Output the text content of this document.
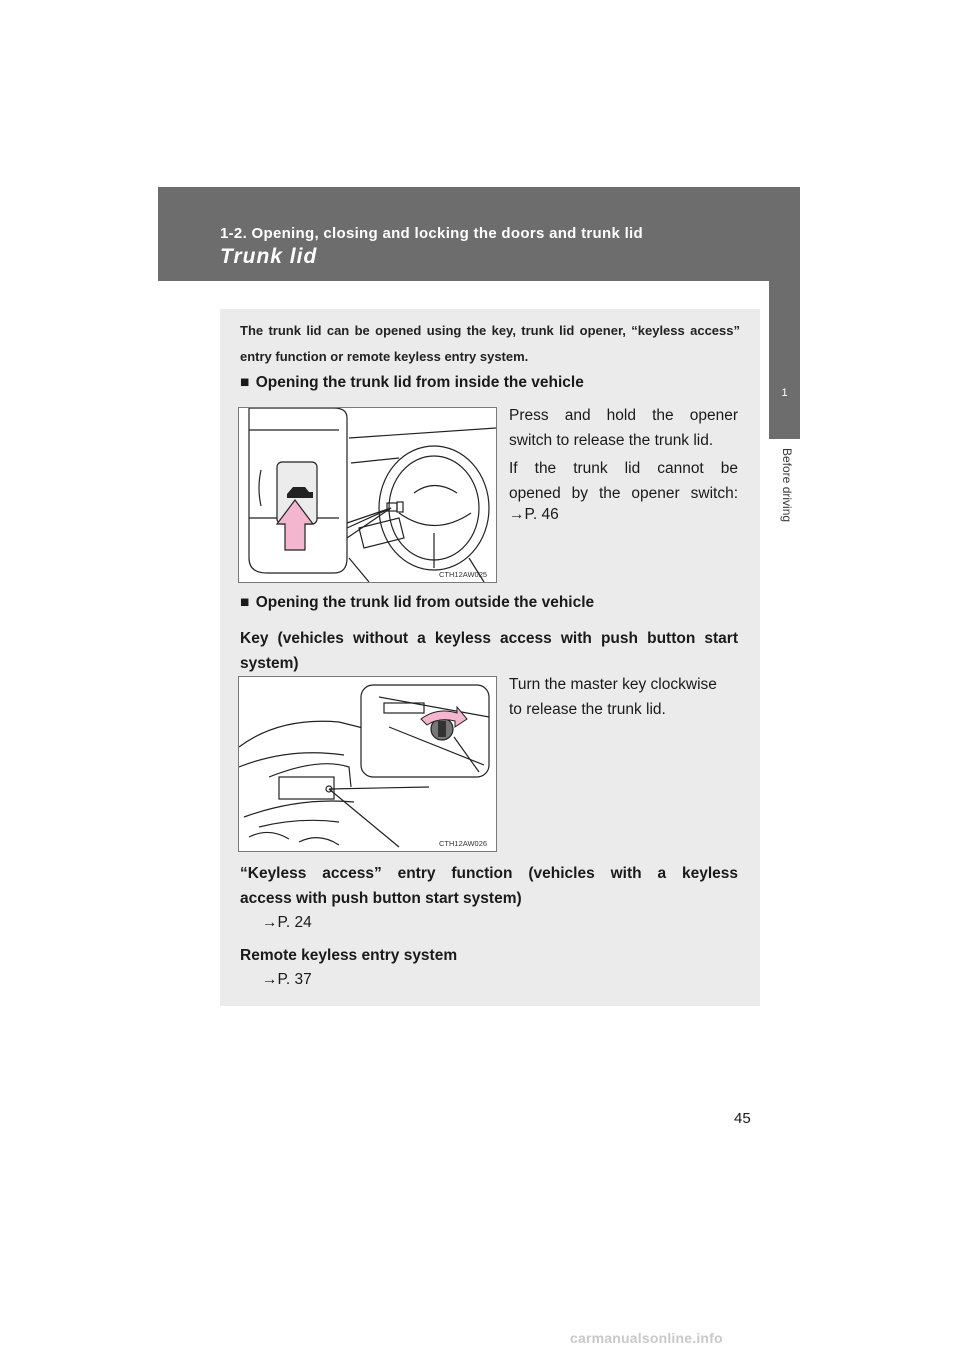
1-2. Opening, closing and locking the doors and trunk lid
Trunk lid
1
Before driving
The trunk lid can be opened using the key, trunk lid opener, “keyless access” entry function or remote keyless entry system.
■ Opening the trunk lid from inside the vehicle
CTH12AW025
Press and hold the opener
switch to release the trunk lid.
If the trunk lid cannot be
opened by the opener switch:
→P. 46
■ Opening the trunk lid from outside the vehicle
Key (vehicles without a keyless access with push button start
system)
CTH12AW026
Turn the master key clockwise
to release the trunk lid.
“Keyless access” entry function (vehicles with a keyless
access with push button start system)
→P. 24
Remote keyless entry system
→P. 37
45
carmanualsonline.info
